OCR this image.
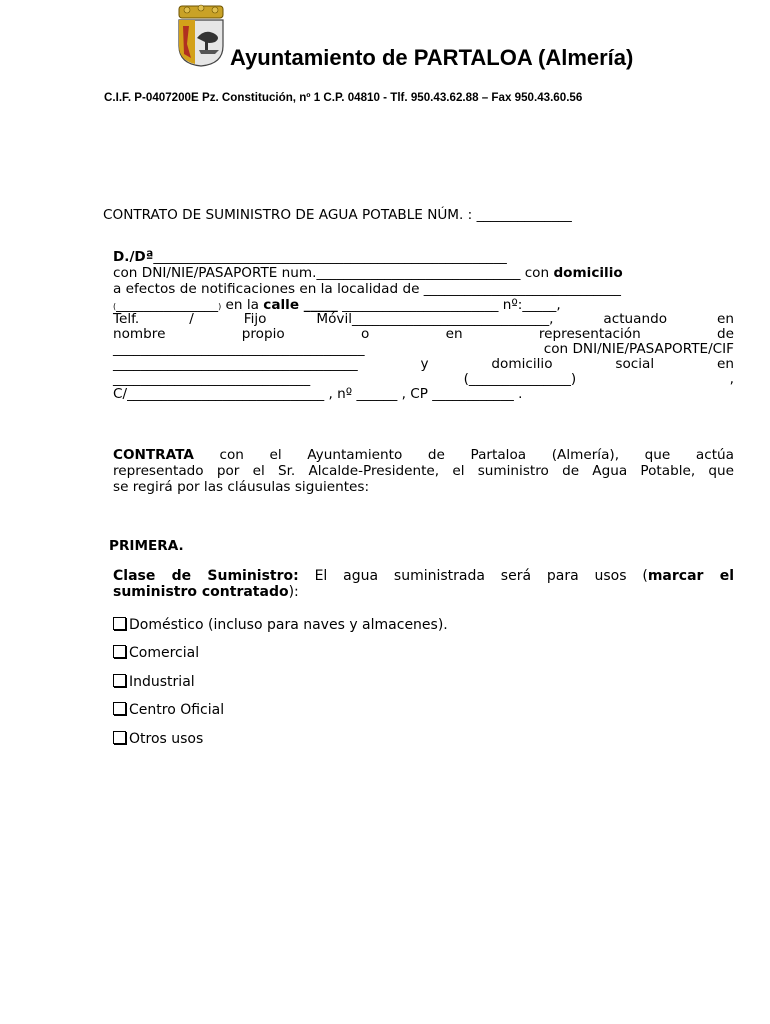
Ayuntamiento de PARTALOA (Almería)
C.I.F. P-0407200E Pz. Constitución, nº 1 C.P. 04810 - Tlf. 950.43.62.88 – Fax 950.43.60.56
CONTRATO DE SUMINISTRO DE AGUA POTABLE NÚM. : ______________
D./Dª____________________________________________________
con DNI/NIE/PASAPORTE num.______________________________ con domicilio
a efectos de notificaciones en la localidad de _____________________________
(_______________) en la calle _____ _______________________ nº:_____,
Telf.	/	Fijo	Móvil_____________________________,	actuando	en
nombre	propio	o	en	representación	de
_____________________________________	con DNI/NIE/PASAPORTE/CIF
____________________________________	y	domicilio	social	en
_____________________________	(_______________)	,
C/_____________________________ , nº ______ , CP ____________ .

CONTRATA con el Ayuntamiento de Partaloa (Almería), que actúa

representado por el Sr. Alcalde-Presidente, el suministro de Agua Potable, que

se regirá por las cláusulas siguientes:

PRIMERA.

Clase de Suministro: El agua suministrada será para usos (marcar el

suministro contratado):

Doméstico (incluso para naves y almacenes).
Comercial
Industrial
Centro Oficial
Otros usos
